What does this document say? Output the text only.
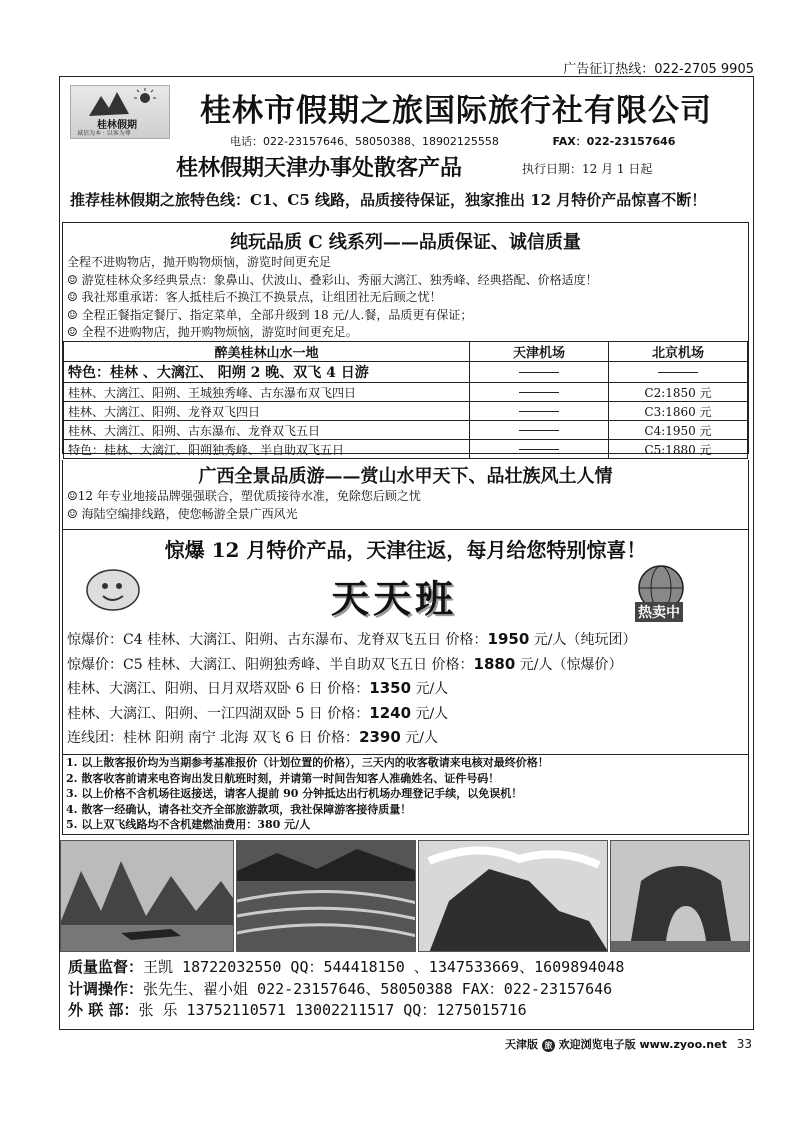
广告征订热线：022-2705 9905
桂林假期
诚信为本 · 以客为尊
桂林市假期之旅国际旅行社有限公司
电话：022-23157646、58050388、18902125558	FAX：022-23157646
桂林假期天津办事处散客产品	执行日期：12 月 1 日起
推荐桂林假期之旅特色线：C1、C5 线路，品质接待保证，独家推出 12 月特价产品惊喜不断！
纯玩品质 C 线系列——品质保证、诚信质量
全程不进购物店，抛开购物烦恼，游览时间更充足
☺ 游览桂林众多经典景点：象鼻山、伏波山、叠彩山、秀丽大漓江、独秀峰、经典搭配、价格适度！
☺ 我社郑重承诺：客人抵桂后不换江不换景点，让组团社无后顾之忧！
☺ 全程正餐指定餐厅、指定菜单，全部升级到 18 元/人.餐，品质更有保证；
☺ 全程不进购物店，抛开购物烦恼，游览时间更充足。
醉美桂林山水一地	天津机场	北京机场
特色：桂林 、大漓江、 阳朔 2 晚、双飞 4 日游		
桂林、大漓江、阳朔、王城独秀峰、古东瀑布双飞四日		C2:1850 元
桂林、大漓江、阳朔、龙脊双飞四日		C3:1860 元
桂林、大漓江、阳朔、古东瀑布、龙脊双飞五日		C4:1950 元
特色：桂林、大漓江、阳朔独秀峰、半自助双飞五日		C5:1880 元
广西全景品质游——赏山水甲天下、品壮族风土人情
☺12 年专业地接品牌强强联合，塑优质接待水准，免除您后顾之忧
☺ 海陆空编排线路，使您畅游全景广西风光
惊爆 12 月特价产品，天津往返，每月给您特别惊喜！
天天班	热卖中
惊爆价：C4 桂林、大漓江、阳朔、古东瀑布、龙脊双飞五日 价格：1950 元/人（纯玩团）
惊爆价：C5 桂林、大漓江、阳朔独秀峰、半自助双飞五日 价格：1880 元/人（惊爆价）
桂林、大漓江、阳朔、日月双塔双卧 6 日 价格：1350 元/人
桂林、大漓江、阳朔、一江四湖双卧 5 日 价格：1240 元/人
连线团：桂林 阳朔 南宁 北海 双飞 6 日 价格：2390 元/人
1. 以上散客报价均为当期参考基准报价（计划位置的价格），三天内的收客敬请来电核对最终价格！
2. 散客收客前请来电咨询出发日航班时刻，并请第一时间告知客人准确姓名、证件号码！
3. 以上价格不含机场往返接送，请客人提前 90 分钟抵达出行机场办理登记手续，以免误机！
4. 散客一经确认，请各社交齐全部旅游款项，我社保障游客接待质量！
5. 以上双飞线路均不含机建燃油费用：380 元/人
质量监督：王凯 18722032550 QQ：544418150 、1347533669、1609894048
计调操作：张先生、翟小姐 022-23157646、58050388 FAX：022-23157646
外 联 部：张 乐 13752110571 13002211517 QQ：1275015716
天津版 旅 欢迎浏览电子版 www.zyoo.net 33
